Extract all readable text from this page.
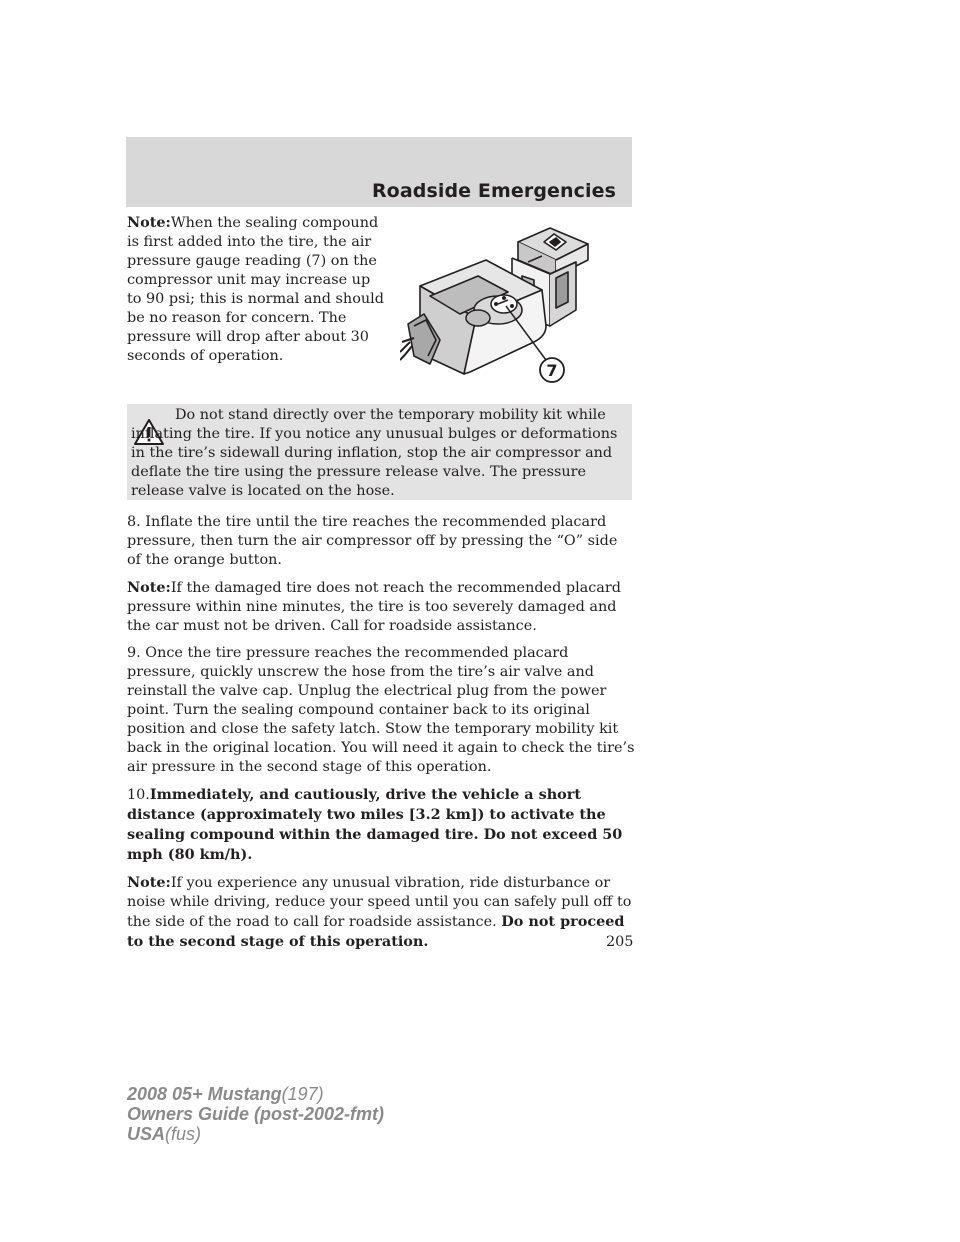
Roadside Emergencies
Note:When the sealing compound is first added into the tire, the air pressure gauge reading (7) on the compressor unit may increase up to 90 psi; this is normal and should be no reason for concern. The pressure will drop after about 30 seconds of operation.
7
Do not stand directly over the temporary mobility kit while inflating the tire. If you notice any unusual bulges or deformations in the tire’s sidewall during inflation, stop the air compressor and deflate the tire using the pressure release valve. The pressure release valve is located on the hose.

8. Inflate the tire until the tire reaches the recommended placard pressure, then turn the air compressor off by pressing the “O” side of the orange button.

Note:If the damaged tire does not reach the recommended placard pressure within nine minutes, the tire is too severely damaged and the car must not be driven. Call for roadside assistance.

9. Once the tire pressure reaches the recommended placard pressure, quickly unscrew the hose from the tire’s air valve and reinstall the valve cap. Unplug the electrical plug from the power point. Turn the sealing compound container back to its original position and close the safety latch. Stow the temporary mobility kit back in the original location. You will need it again to check the tire’s air pressure in the second stage of this operation.

10.Immediately, and cautiously, drive the vehicle a short distance (approximately two miles [3.2 km]) to activate the sealing compound within the damaged tire. Do not exceed 50 mph (80 km/h).

Note:If you experience any unusual vibration, ride disturbance or noise while driving, reduce your speed until you can safely pull off to the side of the road to call for roadside assistance. Do not proceed to the second stage of this operation.	205
2008 05+ Mustang(197)
Owners Guide (post-2002-fmt)
USA(fus)
